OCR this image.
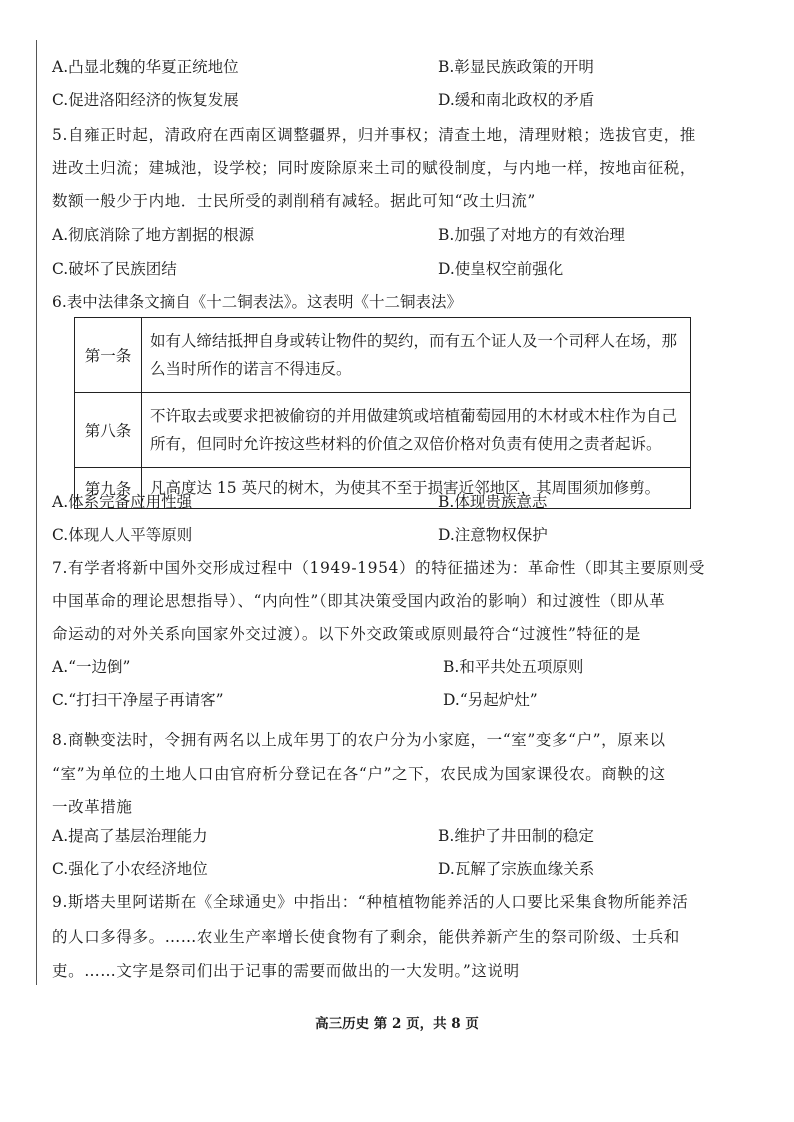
A.凸显北魏的华夏正统地位	B.彰显民族政策的开明
C.促进洛阳经济的恢复发展	D.缓和南北政权的矛盾
5.自雍正时起，清政府在西南区调整疆界，归并事权；清查土地，清理财粮；选拔官吏，推
进改土归流；建城池，设学校；同时废除原来土司的赋役制度，与内地一样，按地亩征税，
数额一般少于内地．士民所受的剥削稍有减轻。据此可知“改土归流”
A.彻底消除了地方割据的根源	B.加强了对地方的有效治理
C.破坏了民族团结	D.使皇权空前强化
6.表中法律条文摘自《十二铜表法》。这表明《十二铜表法》
第一条	如有人缔结抵押自身或转让物件的契约，而有五个证人及一个司秤人在场，那么当时所作的诺言不得违反。
第八条	不许取去或要求把被偷窃的并用做建筑或培植葡萄园用的木材或木柱作为自己所有，但同时允许按这些材料的价值之双倍价格对负责有使用之责者起诉。
第九条	凡高度达 15 英尺的树木，为使其不至于损害近邻地区，其周围须加修剪。
A.体系完备应用性强	B.体现贵族意志
C.体现人人平等原则	D.注意物权保护
7.有学者将新中国外交形成过程中（1949-1954）的特征描述为：革命性（即其主要原则受
中国革命的理论思想指导）、“内向性”（即其决策受国内政治的影响）和过渡性（即从革
命运动的对外关系向国家外交过渡）。以下外交政策或原则最符合“过渡性”特征的是
A.“一边倒”	B.和平共处五项原则
C.“打扫干净屋子再请客”	D.“另起炉灶”
8.商鞅变法时，令拥有两名以上成年男丁的农户分为小家庭，一“室”变多“户”，原来以
“室”为单位的土地人口由官府析分登记在各“户”之下，农民成为国家课役农。商鞅的这
一改革措施
A.提高了基层治理能力	B.维护了井田制的稳定
C.强化了小农经济地位	D.瓦解了宗族血缘关系
9.斯塔夫里阿诺斯在《全球通史》中指出：“种植植物能养活的人口要比采集食物所能养活
的人口多得多。……农业生产率增长使食物有了剩余，能供养新产生的祭司阶级、士兵和
吏。……文字是祭司们出于记事的需要而做出的一大发明。”这说明
高三历史 第 2 页，共 8 页
